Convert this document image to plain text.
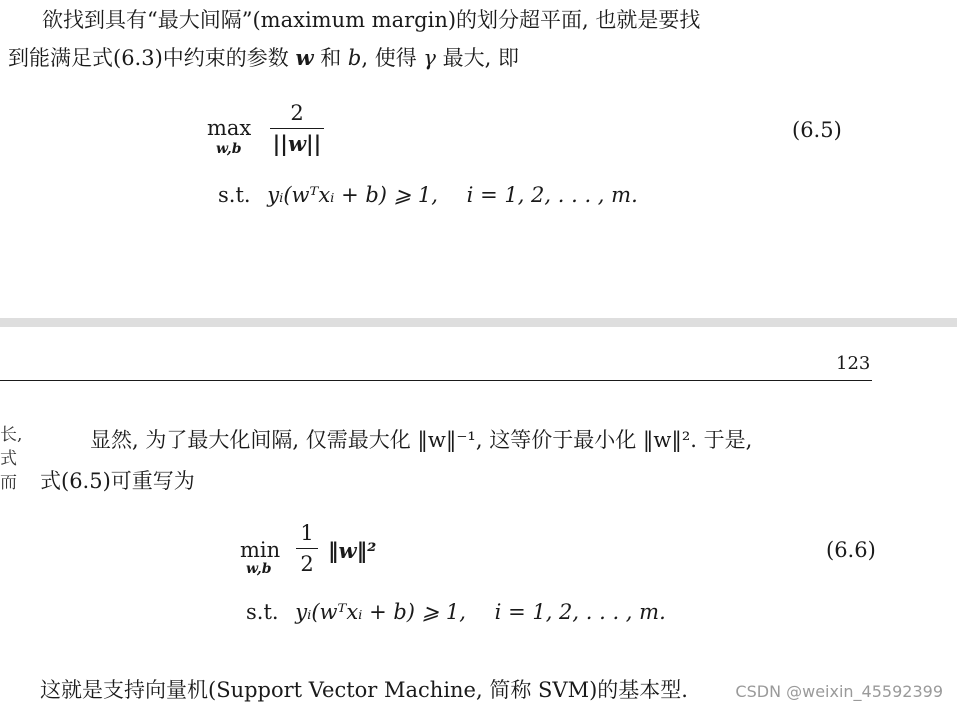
欲找到具有“最大间隔”(maximum margin)的划分超平面, 也就是要找
到能满足式(6.3)中约束的参数 w 和 b, 使得 γ 最大, 即
max
w,b
2
||w||
(6.5)
s.t. yᵢ(wᵀxᵢ + b) ⩾ 1, i = 1, 2, . . . , m.
123
长,
式
而
显然, 为了最大化间隔, 仅需最大化 ‖w‖⁻¹, 这等价于最小化 ‖w‖². 于是,
式(6.5)可重写为
min
w,b
1
2
‖w‖²	(6.6)
s.t. yᵢ(wᵀxᵢ + b) ⩾ 1, i = 1, 2, . . . , m.
这就是支持向量机(Support Vector Machine, 简称 SVM)的基本型.	CSDN @weixin_45592399
